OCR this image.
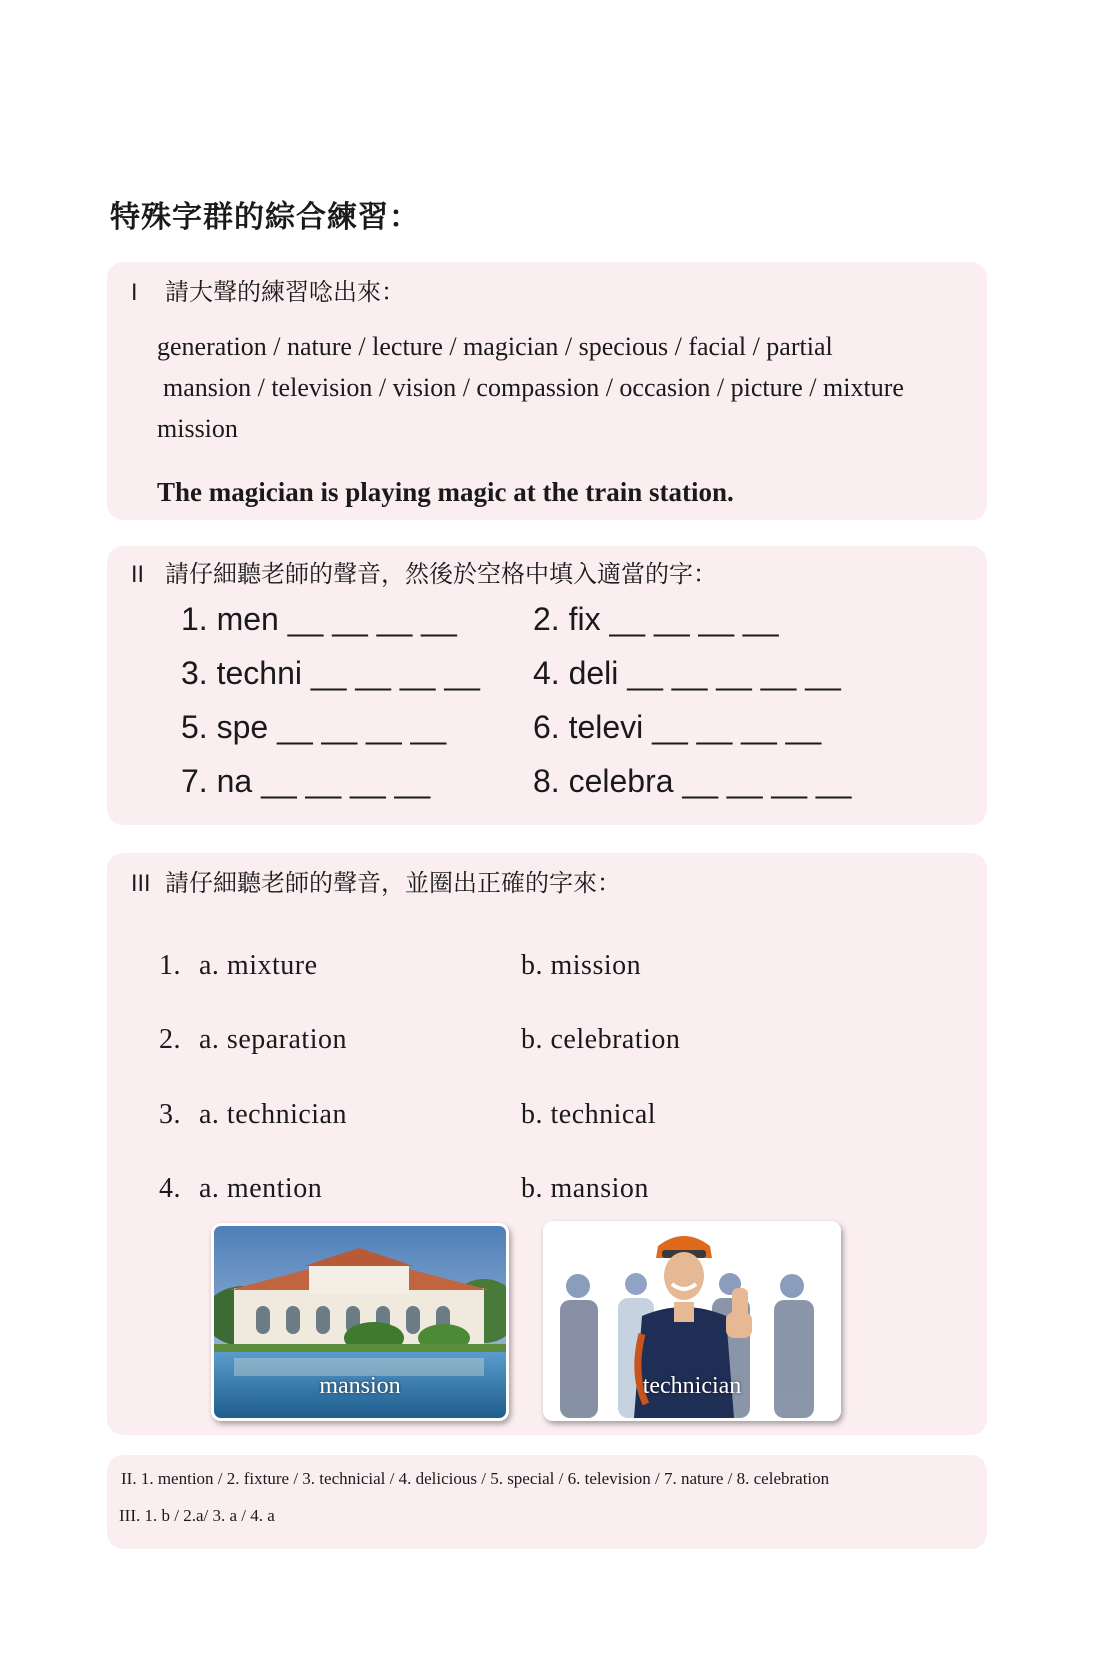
特殊字群的綜合練習：
I 請大聲的練習唸出來：
generation / nature / lecture / magician / specious / facial / partial
mansion / television / vision / compassion / occasion / picture / mixture
mission
The magician is playing magic at the train station.
II 請仔細聽老師的聲音，然後於空格中填入適當的字：
1. men __ __ __ __ 2. fix __ __ __ __
3. techni __ __ __ __ 4. deli __ __ __ __ __
5. spe __ __ __ __	6. televi __ __ __ __
7. na __ __ __ __	8. celebra __ __ __ __
III 請仔細聽老師的聲音，並圈出正確的字來：
1. a. mixture	b. mission
2. a. separation	b. celebration
3. a. technician	b. technical
4. a. mention	b. mansion
mansion	technician
II. 1. mention / 2. fixture / 3. technicial / 4. delicious / 5. special / 6. television / 7. nature / 8. celebration
III. 1. b / 2.a/ 3. a / 4. a
